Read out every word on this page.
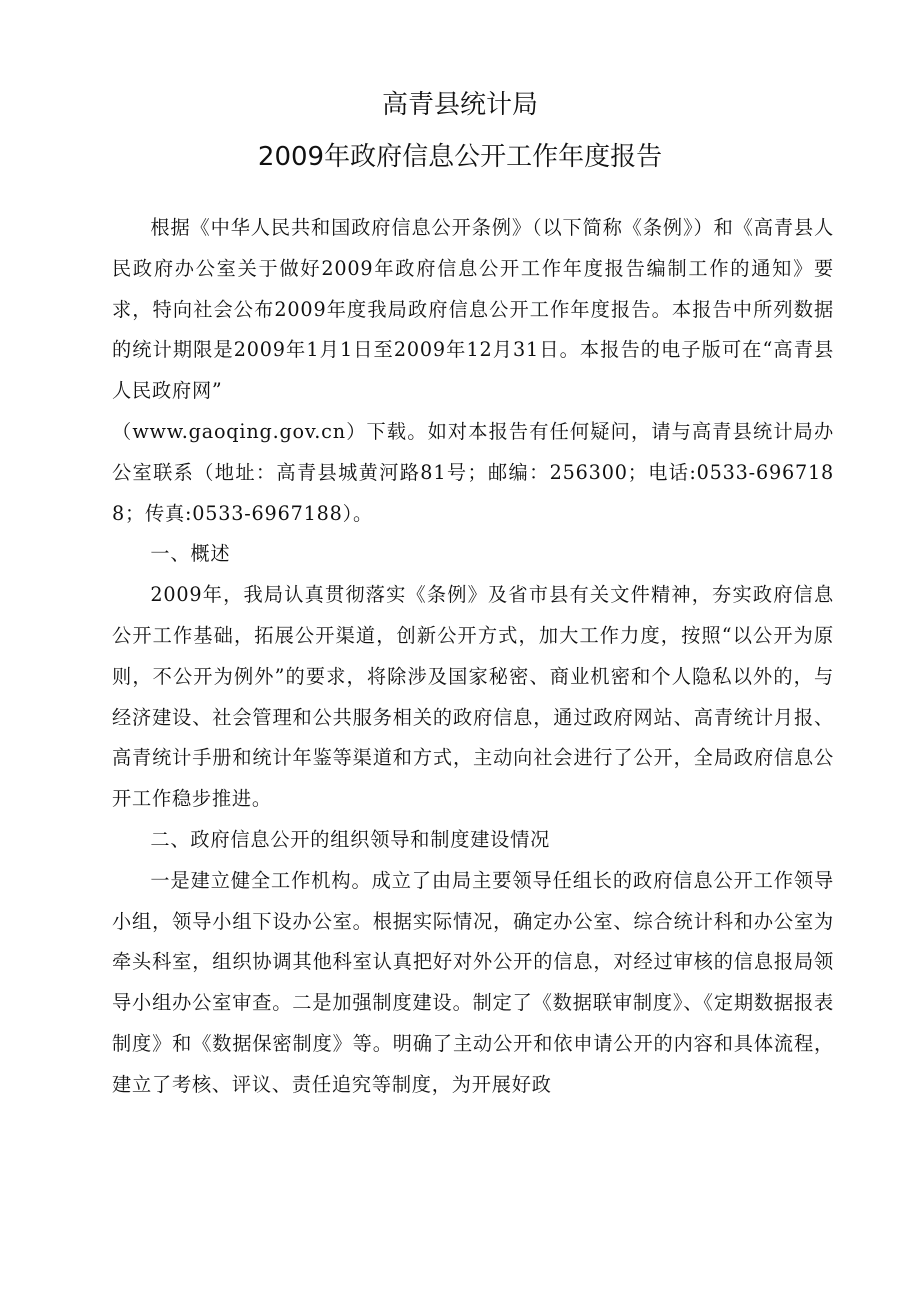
高青县统计局
2009年政府信息公开工作年度报告

根据《中华人民共和国政府信息公开条例》（以下简称《条例》）和《高青县人民政府办公室关于做好2009年政府信息公开工作年度报告编制工作的通知》要求，特向社会公布2009年度我局政府信息公开工作年度报告。本报告中所列数据的统计期限是2009年1月1日至2009年12月31日。本报告的电子版可在“高青县人民政府网”

（www.gaoqing.gov.cn）下载。如对本报告有任何疑问，请与高青县统计局办公室联系（地址：高青县城黄河路81号；邮编：256300；电话:0533-6967188；传真:0533-6967188）。

一、概述

2009年，我局认真贯彻落实《条例》及省市县有关文件精神，夯实政府信息公开工作基础，拓展公开渠道，创新公开方式，加大工作力度，按照“以公开为原则，不公开为例外”的要求，将除涉及国家秘密、商业机密和个人隐私以外的，与经济建设、社会管理和公共服务相关的政府信息，通过政府网站、高青统计月报、高青统计手册和统计年鉴等渠道和方式，主动向社会进行了公开，全局政府信息公开工作稳步推进。

二、政府信息公开的组织领导和制度建设情况

一是建立健全工作机构。成立了由局主要领导任组长的政府信息公开工作领导小组，领导小组下设办公室。根据实际情况，确定办公室、综合统计科和办公室为牵头科室，组织协调其他科室认真把好对外公开的信息，对经过审核的信息报局领导小组办公室审查。二是加强制度建设。制定了《数据联审制度》、《定期数据报表制度》和《数据保密制度》等。明确了主动公开和依申请公开的内容和具体流程，建立了考核、评议、责任追究等制度，为开展好政
